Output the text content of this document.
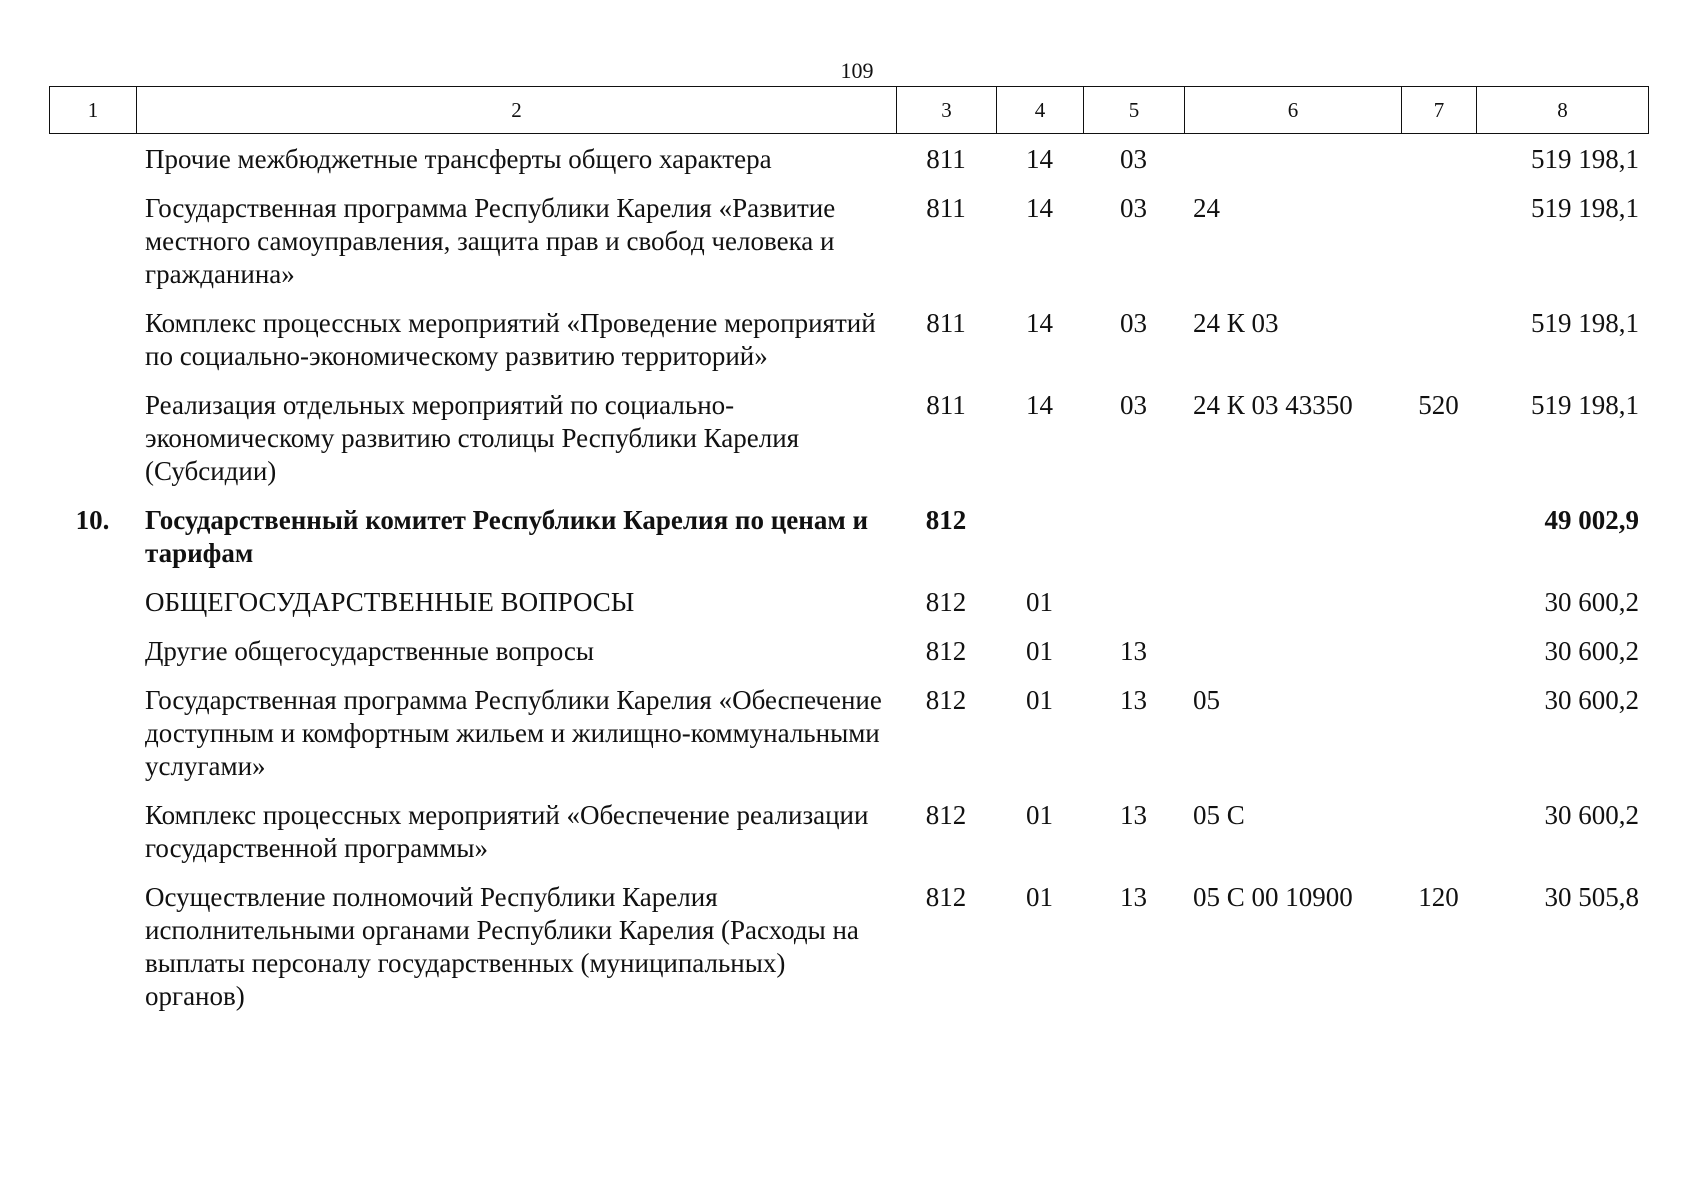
109
1	2	3	4	5	6	7	8
	Прочие межбюджетные трансферты общего характера	811	14	03			519 198,1
	Государственная программа Республики Карелия «Развитие местного самоуправления, защита прав и свобод человека и гражданина»	811	14	03	24		519 198,1
	Комплекс процессных мероприятий «Проведение мероприятий по социально-экономическому развитию территорий»	811	14	03	24 К 03		519 198,1
	Реализация отдельных мероприятий по социально-экономическому развитию столицы Республики Карелия (Субсидии)	811	14	03	24 К 03 43350	520	519 198,1
10.	Государственный комитет Республики Карелия по ценам и тарифам	812					49 002,9
	ОБЩЕГОСУДАРСТВЕННЫЕ ВОПРОСЫ	812	01				30 600,2
	Другие общегосударственные вопросы	812	01	13			30 600,2
	Государственная программа Республики Карелия «Обеспечение доступным и комфортным жильем и жилищно-коммунальными услугами»	812	01	13	05		30 600,2
	Комплекс процессных мероприятий «Обеспечение реализации государственной программы»	812	01	13	05 С		30 600,2
	Осуществление полномочий Республики Карелия исполнительными органами Республики Карелия (Расходы на выплаты персоналу государственных (муниципальных) органов)	812	01	13	05 С 00 10900	120	30 505,8
